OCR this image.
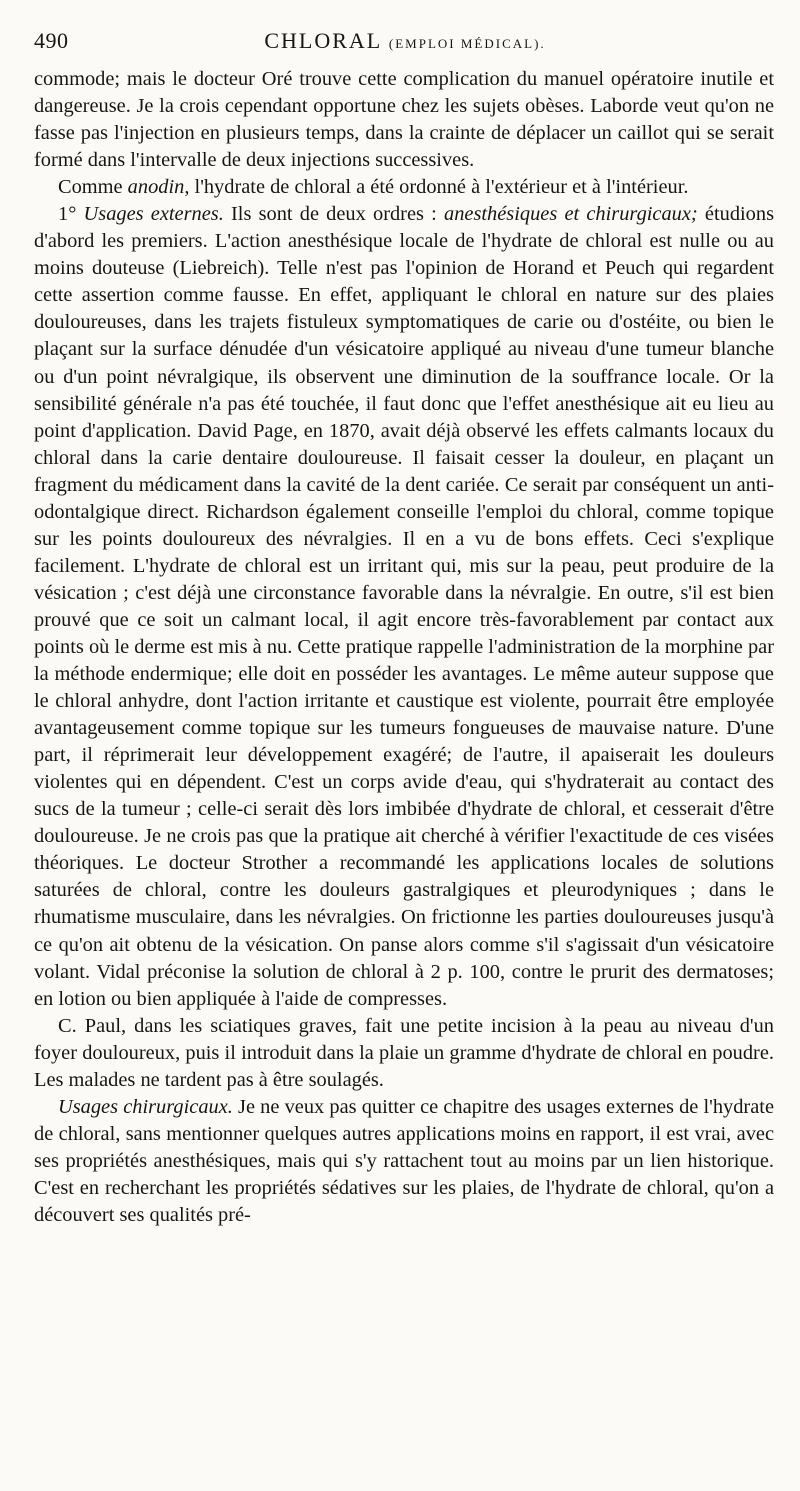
490	CHLORAL (EMPLOI MÉDICAL).

commode; mais le docteur Oré trouve cette complication du manuel opératoire inutile et dangereuse. Je la crois cependant opportune chez les sujets obèses. Laborde veut qu'on ne fasse pas l'injection en plusieurs temps, dans la crainte de déplacer un caillot qui se serait formé dans l'intervalle de deux injections successives.

Comme anodin, l'hydrate de chloral a été ordonné à l'extérieur et à l'intérieur.

1° Usages externes. Ils sont de deux ordres : anesthésiques et chirurgicaux; étudions d'abord les premiers. L'action anesthésique locale de l'hydrate de chloral est nulle ou au moins douteuse (Liebreich). Telle n'est pas l'opinion de Horand et Peuch qui regardent cette assertion comme fausse. En effet, appliquant le chloral en nature sur des plaies douloureuses, dans les trajets fistuleux symptomatiques de carie ou d'ostéite, ou bien le plaçant sur la surface dénudée d'un vésicatoire appliqué au niveau d'une tumeur blanche ou d'un point névralgique, ils observent une diminution de la souffrance locale. Or la sensibilité générale n'a pas été touchée, il faut donc que l'effet anesthésique ait eu lieu au point d'application. David Page, en 1870, avait déjà observé les effets calmants locaux du chloral dans la carie dentaire douloureuse. Il faisait cesser la douleur, en plaçant un fragment du médicament dans la cavité de la dent cariée. Ce serait par conséquent un anti-odontalgique direct. Richardson également conseille l'emploi du chloral, comme topique sur les points douloureux des névralgies. Il en a vu de bons effets. Ceci s'explique facilement. L'hydrate de chloral est un irritant qui, mis sur la peau, peut produire de la vésication ; c'est déjà une circonstance favorable dans la névralgie. En outre, s'il est bien prouvé que ce soit un calmant local, il agit encore très-favorablement par contact aux points où le derme est mis à nu. Cette pratique rappelle l'administration de la morphine par la méthode endermique; elle doit en posséder les avantages. Le même auteur suppose que le chloral anhydre, dont l'action irritante et caustique est violente, pourrait être employée avantageusement comme topique sur les tumeurs fongueuses de mauvaise nature. D'une part, il réprimerait leur développement exagéré; de l'autre, il apaiserait les douleurs violentes qui en dépendent. C'est un corps avide d'eau, qui s'hydraterait au contact des sucs de la tumeur ; celle-ci serait dès lors imbibée d'hydrate de chloral, et cesserait d'être douloureuse. Je ne crois pas que la pratique ait cherché à vérifier l'exactitude de ces visées théoriques. Le docteur Strother a recommandé les applications locales de solutions saturées de chloral, contre les douleurs gastralgiques et pleurodyniques ; dans le rhumatisme musculaire, dans les névralgies. On frictionne les parties douloureuses jusqu'à ce qu'on ait obtenu de la vésication. On panse alors comme s'il s'agissait d'un vésicatoire volant. Vidal préconise la solution de chloral à 2 p. 100, contre le prurit des dermatoses; en lotion ou bien appliquée à l'aide de compresses.

C. Paul, dans les sciatiques graves, fait une petite incision à la peau au niveau d'un foyer douloureux, puis il introduit dans la plaie un gramme d'hydrate de chloral en poudre. Les malades ne tardent pas à être soulagés.

Usages chirurgicaux. Je ne veux pas quitter ce chapitre des usages externes de l'hydrate de chloral, sans mentionner quelques autres applications moins en rapport, il est vrai, avec ses propriétés anesthésiques, mais qui s'y rattachent tout au moins par un lien historique. C'est en recherchant les propriétés sédatives sur les plaies, de l'hydrate de chloral, qu'on a découvert ses qualités pré-
